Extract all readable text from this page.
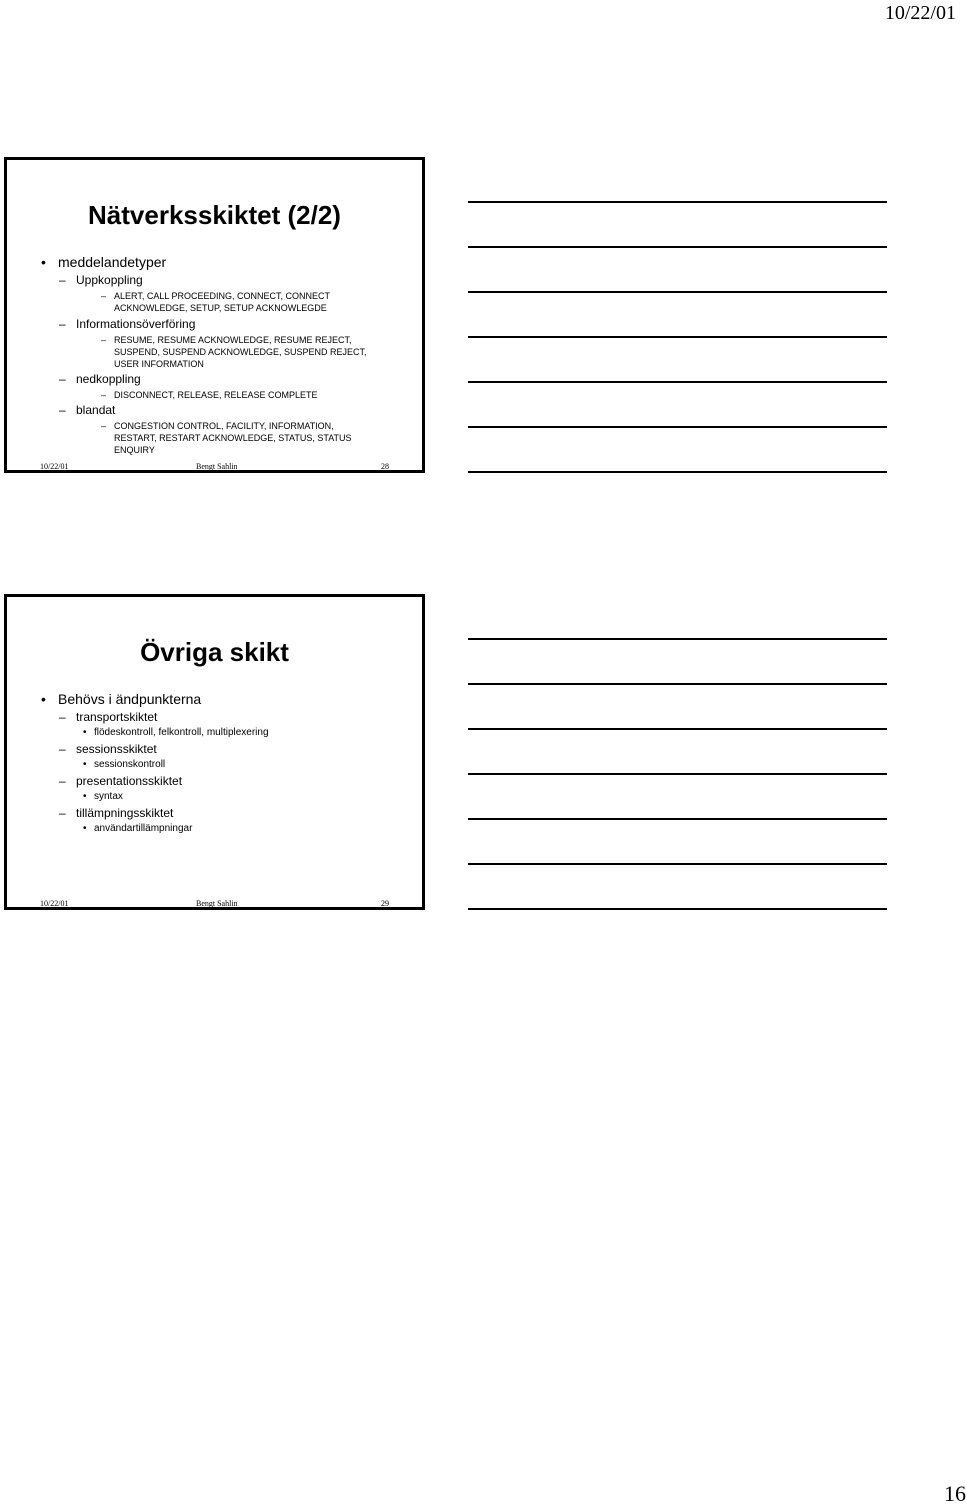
10/22/01
Nätverksskiktet (2/2)
• meddelandetyper
– Uppkoppling
– ALERT, CALL PROCEEDING, CONNECT, CONNECT
ACKNOWLEDGE, SETUP, SETUP ACKNOWLEGDE
– Informationsöverföring
– RESUME, RESUME ACKNOWLEDGE, RESUME REJECT,
SUSPEND, SUSPEND ACKNOWLEDGE, SUSPEND REJECT,
USER INFORMATION
– nedkoppling
– DISCONNECT, RELEASE, RELEASE COMPLETE
– blandat
– CONGESTION CONTROL, FACILITY, INFORMATION,
RESTART, RESTART ACKNOWLEDGE, STATUS, STATUS
ENQUIRY
10/22/01	Bengt Sahlin	28
Övriga skikt
• Behövs i ändpunkterna
– transportskiktet
• flödeskontroll, felkontroll, multiplexering
– sessionsskiktet
• sessionskontroll
– presentationsskiktet
• syntax
– tillämpningsskiktet
• användartillämpningar
10/22/01	Bengt Sahlin	29
16
